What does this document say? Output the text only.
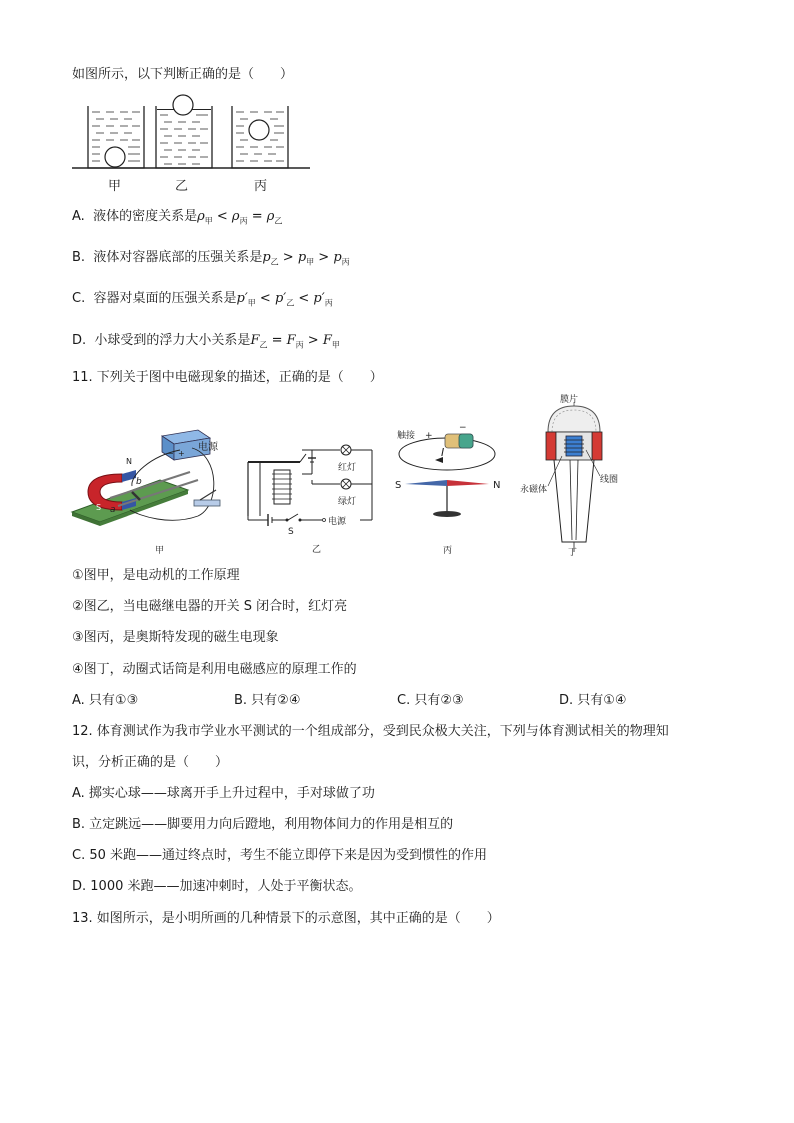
如图所示，以下判断正确的是（　　）
甲	乙	丙
A. 液体的密度关系是$\rho_甲 < \rho_丙 = \rho_乙$
B. 液体对容器底部的压强关系是$p_乙 > p_甲 > p_丙$
C. 容器对桌面的压强关系是$p'_甲 < p'_乙 < p'_丙$
D. 小球受到的浮力大小关系是$F_乙 = F_丙 > F_甲$
11. 下列关于图中电磁现象的描述，正确的是（　　）
电源
+
−
N
S a
b
甲
电源
红灯
绿灯
S
乙
触接 +
−
I
S	N
丙
膜片
线圈
永磁体
丁
①图甲，是电动机的工作原理
②图乙，当电磁继电器的开关 S 闭合时，红灯亮
③图丙，是奥斯特发现的磁生电现象
④图丁，动圈式话筒是利用电磁感应的原理工作的
A. 只有①③	B. 只有②④	C. 只有②③	D. 只有①④
12. 体育测试作为我市学业水平测试的一个组成部分，受到民众极大关注，下列与体育测试相关的物理知
识，分析正确的是（　　）
A. 掷实心球——球离开手上升过程中，手对球做了功
B. 立定跳远——脚要用力向后蹬地，利用物体间力的作用是相互的
C. 50 米跑——通过终点时，考生不能立即停下来是因为受到惯性的作用
D. 1000 米跑——加速冲刺时，人处于平衡状态。
13. 如图所示，是小明所画的几种情景下的示意图，其中正确的是（　　）
